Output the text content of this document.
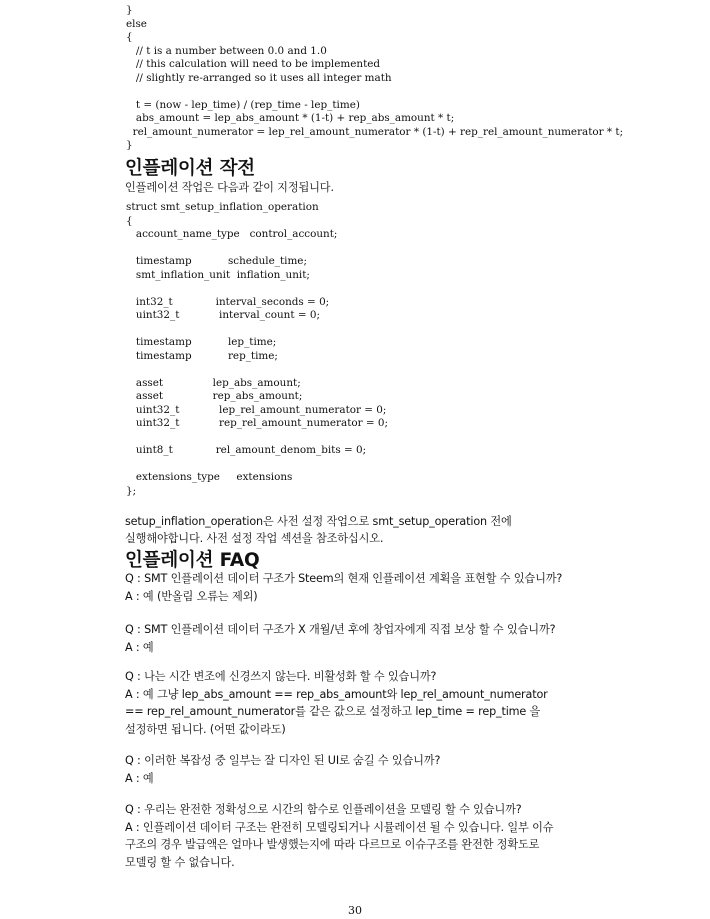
}
else
{
// t is a number between 0.0 and 1.0
// this calculation will need to be implemented
// slightly re-arranged so it uses all integer math

t = (now - lep_time) / (rep_time - lep_time)
abs_amount = lep_abs_amount * (1-t) + rep_abs_amount * t;
rel_amount_numerator = lep_rel_amount_numerator * (1-t) + rep_rel_amount_numerator * t;
}
인플레이션 작전

인플레이션 작업은 다음과 같이 지정됩니다.

struct smt_setup_inflation_operation
{
account_name_type   control_account;

timestamp           schedule_time;
smt_inflation_unit  inflation_unit;

int32_t             interval_seconds = 0;
uint32_t            interval_count = 0;

timestamp           lep_time;
timestamp           rep_time;

asset               lep_abs_amount;
asset               rep_abs_amount;
uint32_t            lep_rel_amount_numerator = 0;
uint32_t            rep_rel_amount_numerator = 0;

uint8_t             rel_amount_denom_bits = 0;

extensions_type     extensions
};

setup_inflation_operation은 사전 설정 작업으로 smt_setup_operation 전에
실행해야합니다. 사전 설정 작업 섹션을 참조하십시오.

인플레이션 FAQ
Q : SMT 인플레이션 데이터 구조가 Steem의 현재 인플레이션 계획을 표현할 수 있습니까?
A : 예 (반올림 오류는 제외)
Q : SMT 인플레이션 데이터 구조가 X 개월/년 후에 창업자에게 직접 보상 할 수 있습니까?
A : 예
Q : 나는 시간 변조에 신경쓰지 않는다. 비활성화 할 수 있습니까?
A : 예 그냥 lep_abs_amount == rep_abs_amount와 lep_rel_amount_numerator
== rep_rel_amount_numerator를 같은 값으로 설정하고 lep_time = rep_time 을
설정하면 됩니다. (어떤 값이라도)
Q : 이러한 복잡성 중 일부는 잘 디자인 된 UI로 숨길 수 있습니까?
A : 예
Q : 우리는 완전한 정확성으로 시간의 함수로 인플레이션을 모델링 할 수 있습니까?
A : 인플레이션 데이터 구조는 완전히 모델링되거나 시뮬레이션 될 수 있습니다. 일부 이슈
구조의 경우 발급액은 얼마나 발생했는지에 따라 다르므로 이슈구조를 완전한 정확도로
모델링 할 수 없습니다.
30
